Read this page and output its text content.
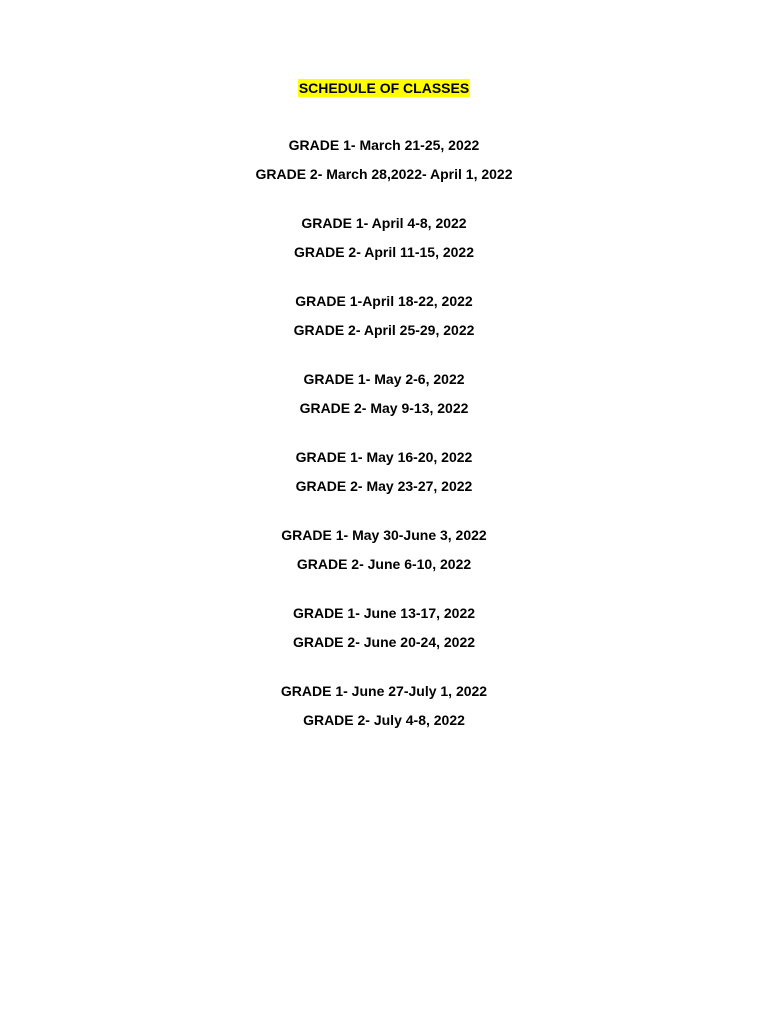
SCHEDULE OF CLASSES
GRADE 1- March 21-25, 2022
GRADE 2- March 28,2022- April 1, 2022
GRADE 1- April 4-8, 2022
GRADE 2- April 11-15, 2022
GRADE 1-April 18-22, 2022
GRADE 2- April 25-29, 2022
GRADE 1- May 2-6, 2022
GRADE 2- May 9-13, 2022
GRADE 1- May 16-20, 2022
GRADE 2- May 23-27, 2022
GRADE 1- May 30-June 3, 2022
GRADE 2- June 6-10, 2022
GRADE 1- June 13-17, 2022
GRADE 2- June 20-24, 2022
GRADE 1- June 27-July 1, 2022
GRADE 2- July 4-8, 2022
